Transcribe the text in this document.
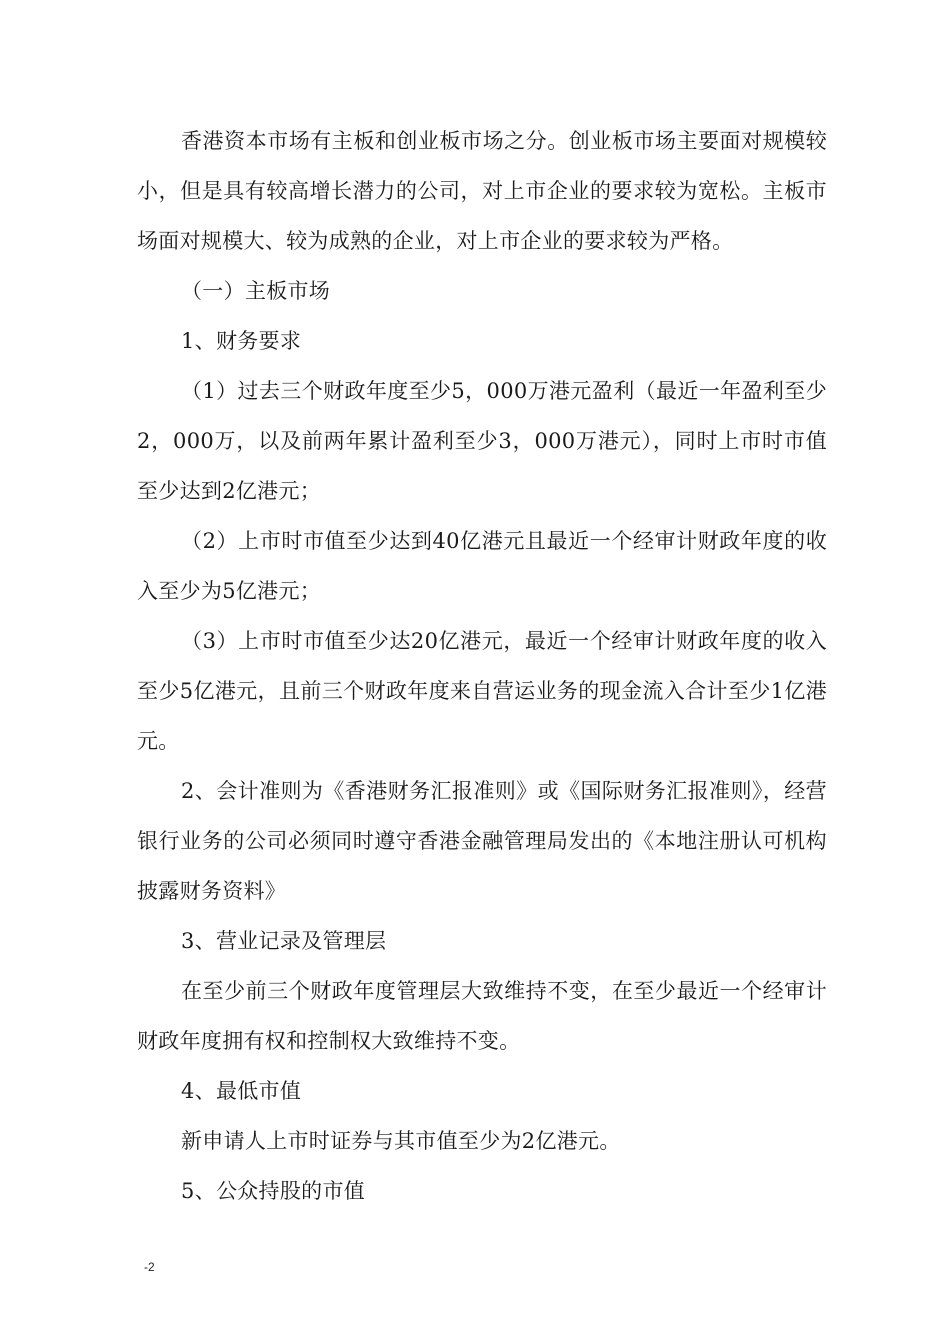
香港资本市场有主板和创业板市场之分。创业板市场主要面对规模较小，但是具有较高增长潜力的公司，对上市企业的要求较为宽松。主板市场面对规模大、较为成熟的企业，对上市企业的要求较为严格。

（一）主板市场

1、财务要求

（1）过去三个财政年度至少5，000万港元盈利（最近一年盈利至少2，000万，以及前两年累计盈利至少3，000万港元），同时上市时市值至少达到2亿港元；

（2）上市时市值至少达到40亿港元且最近一个经审计财政年度的收入至少为5亿港元；

（3）上市时市值至少达20亿港元，最近一个经审计财政年度的收入至少5亿港元，且前三个财政年度来自营运业务的现金流入合计至少1亿港元。

2、会计准则为《香港财务汇报准则》或《国际财务汇报准则》，经营银行业务的公司必须同时遵守香港金融管理局发出的《本地注册认可机构披露财务资料》

3、营业记录及管理层

在至少前三个财政年度管理层大致维持不变，在至少最近一个经审计财政年度拥有权和控制权大致维持不变。

4、最低市值

新申请人上市时证券与其市值至少为2亿港元。

5、公众持股的市值

-2
